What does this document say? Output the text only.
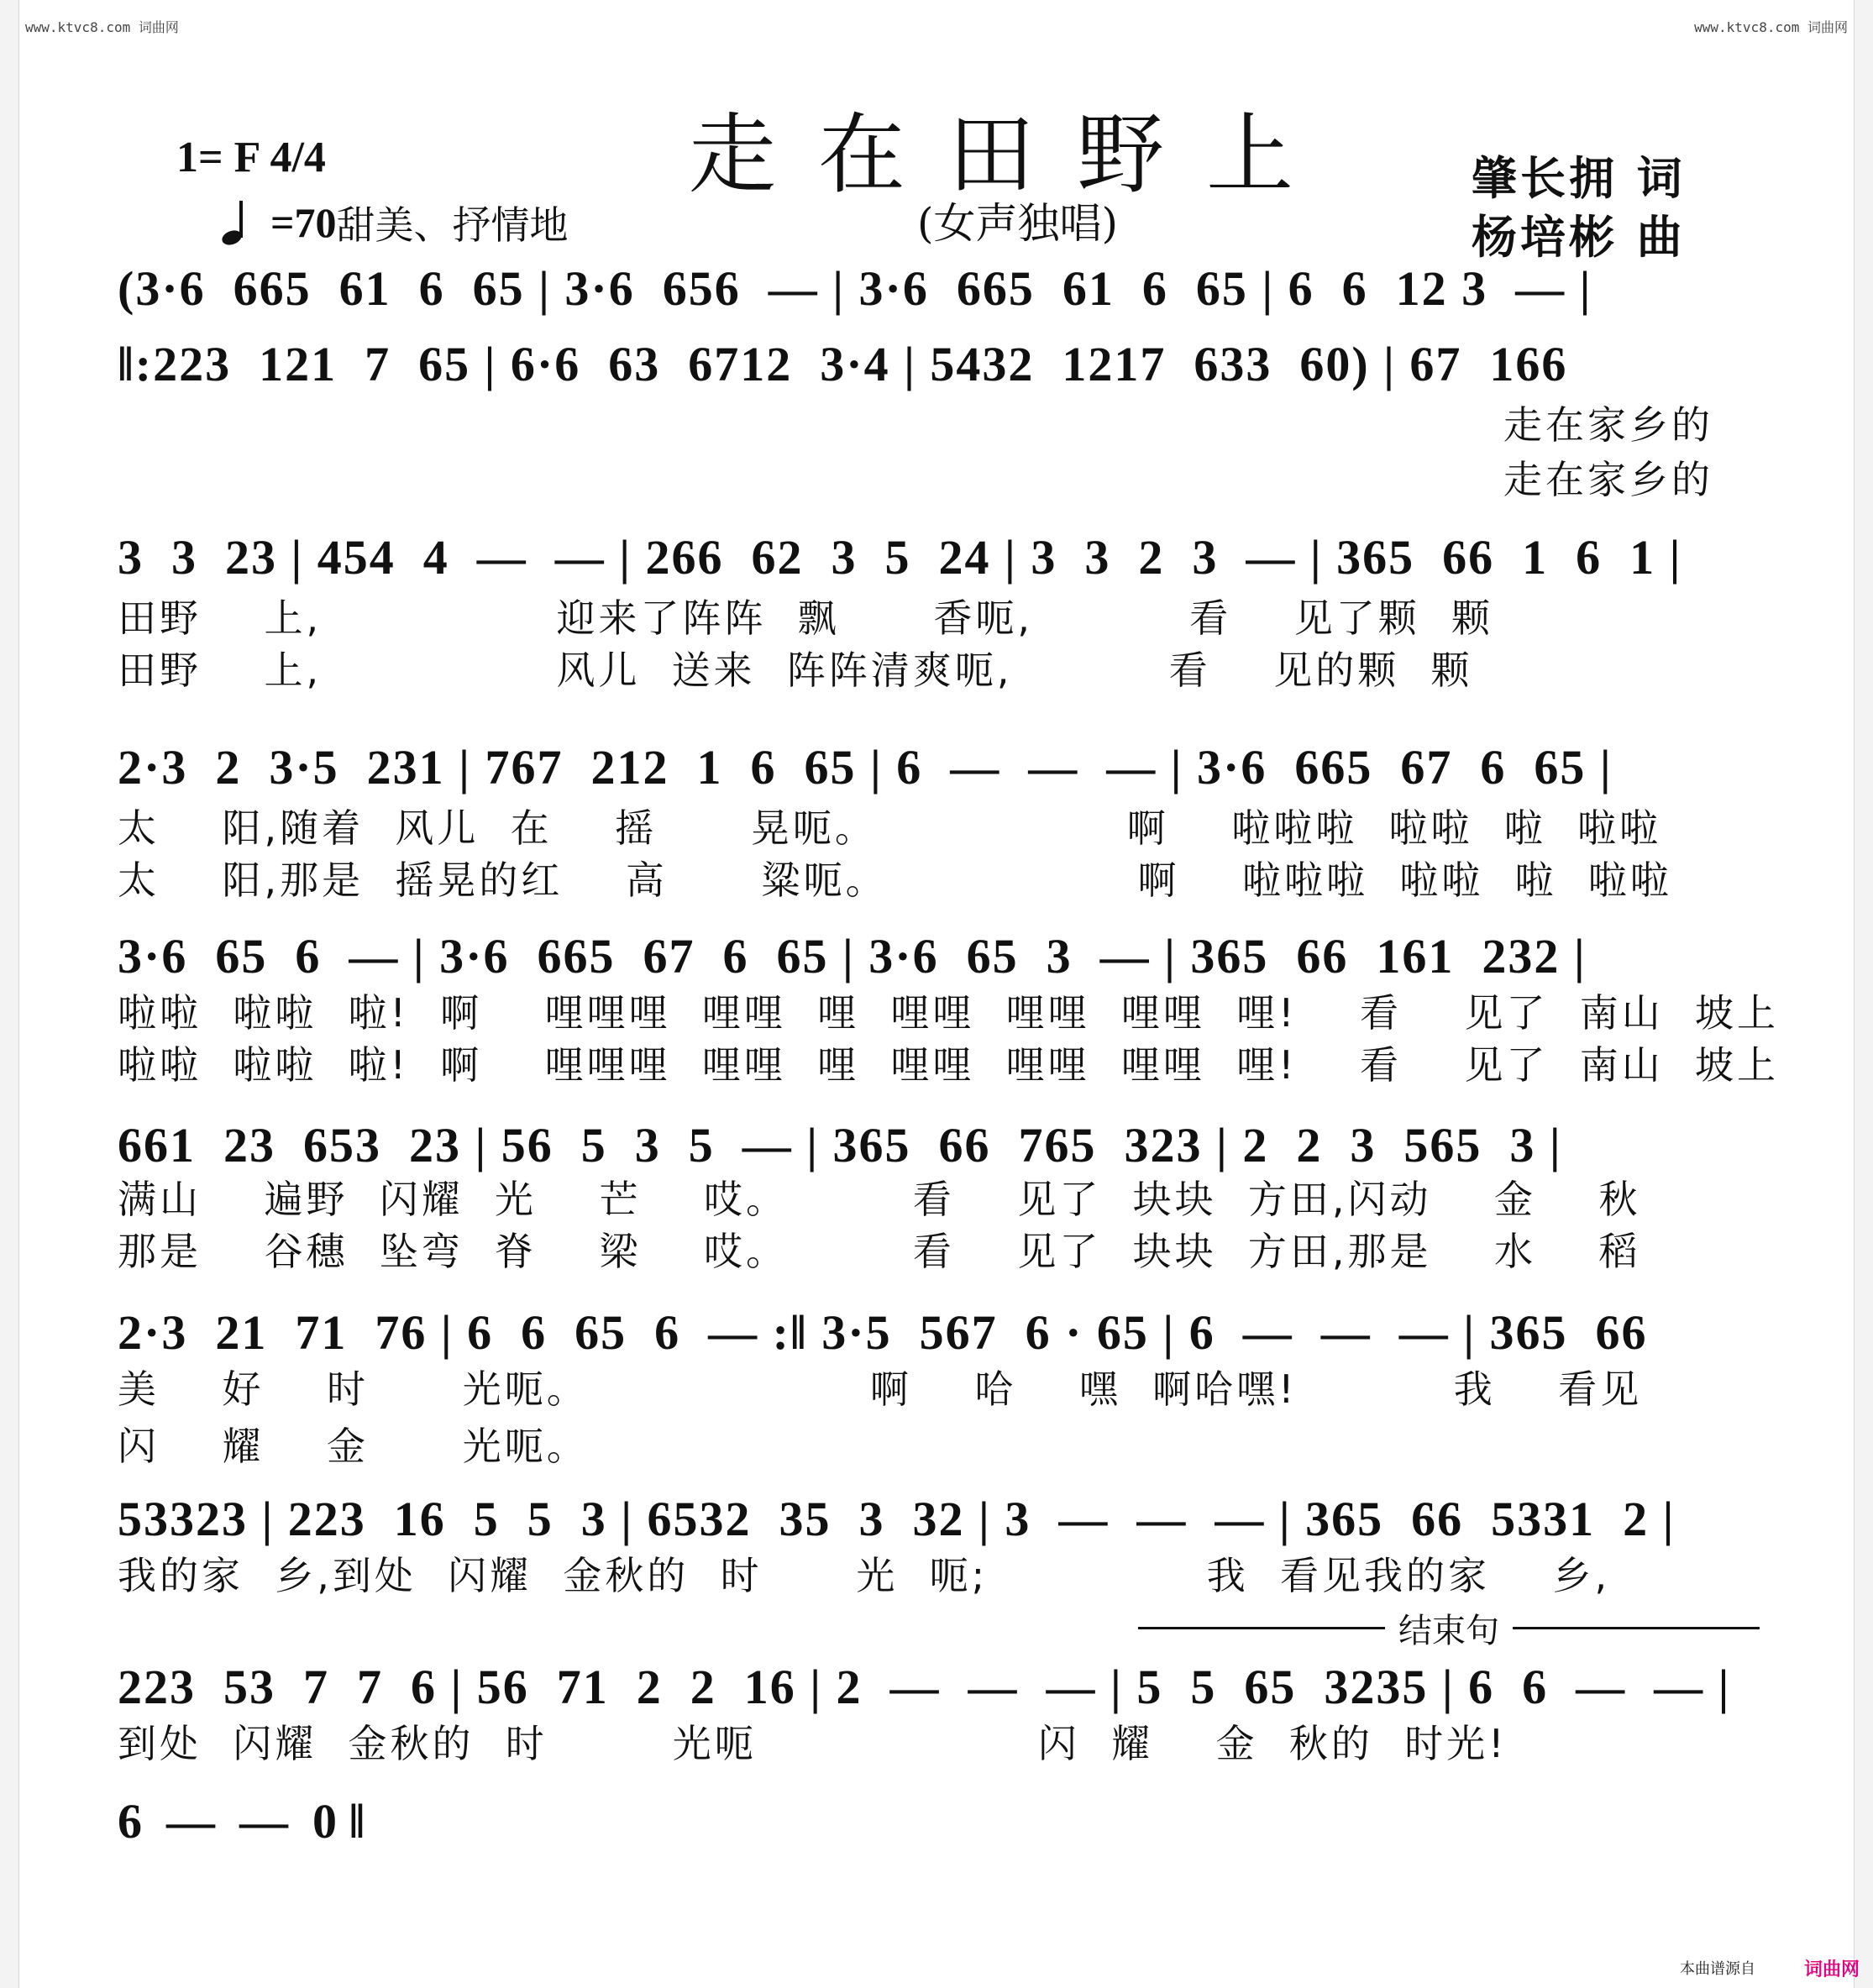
www.ktvc8.com 词曲网	www.ktvc8.com 词曲网
走在田野上
(女声独唱)
1= F 4/4
=70 甜美、抒情地
肇长拥 词
杨培彬 曲
(3·6  665  61  6  65 | 3·6  656  — | 3·6  665  61  6  65 | 6  6  12 3  — |
‖:223  121  7  65 | 6·6  63  6712  3·4 | 5432  1217  633  60) | 67  166
走在家乡的
走在家乡的
3  3  23 | 454  4  —  — | 266  62  3  5  24 | 3  3  2  3  — | 365  66  1  6  1 |
田野    上,               迎来了阵阵  飘      香呃,          看    见了颗  颗
田野    上,               风儿  送来  阵阵清爽呃,          看    见的颗  颗
2·3  2  3·5  231 | 767  212  1  6  65 | 6  —  —  — | 3·6  665  67  6  65 |
太    阳,随着  风儿  在    摇      晃呃。                啊    啦啦啦  啦啦  啦  啦啦
太    阳,那是  摇晃的红    高      粱呃。                啊    啦啦啦  啦啦  啦  啦啦
3·6  65  6  — | 3·6  665  67  6  65 | 3·6  65  3  — | 365  66  161  232 |
啦啦  啦啦  啦!  啊    哩哩哩  哩哩  哩  哩哩  哩哩  哩哩  哩!    看    见了  南山  坡上
啦啦  啦啦  啦!  啊    哩哩哩  哩哩  哩  哩哩  哩哩  哩哩  哩!    看    见了  南山  坡上
661  23  653  23 | 56  5  3  5  — | 365  66  765  323 | 2  2  3  565  3 |
满山    遍野  闪耀  光    芒    哎。        看    见了  块块  方田,闪动    金    秋
那是    谷穗  坠弯  脊    梁    哎。        看    见了  块块  方田,那是    水    稻
2·3  21  71  76 | 6  6  65  6  — :‖ 3·5  567  6 · 65 | 6  —  —  — | 365  66
美    好    时      光呃。                  啊    哈    嘿  啊哈嘿!          我    看见
闪    耀    金      光呃。
53323 | 223  16  5  5  3 | 6532  35  3  32 | 3  —  —  — | 365  66  5331  2 |
我的家  乡,到处  闪耀  金秋的  时      光  呃;              我  看见我的家    乡,
结束句
223  53  7  7  6 | 56  71  2  2  16 | 2  —  —  — | 5  5  65  3235 | 6  6  —  — |
到处  闪耀  金秋的  时        光呃                  闪  耀    金  秋的  时光!
6  —  —  0 ‖
本曲谱源自	词曲网
